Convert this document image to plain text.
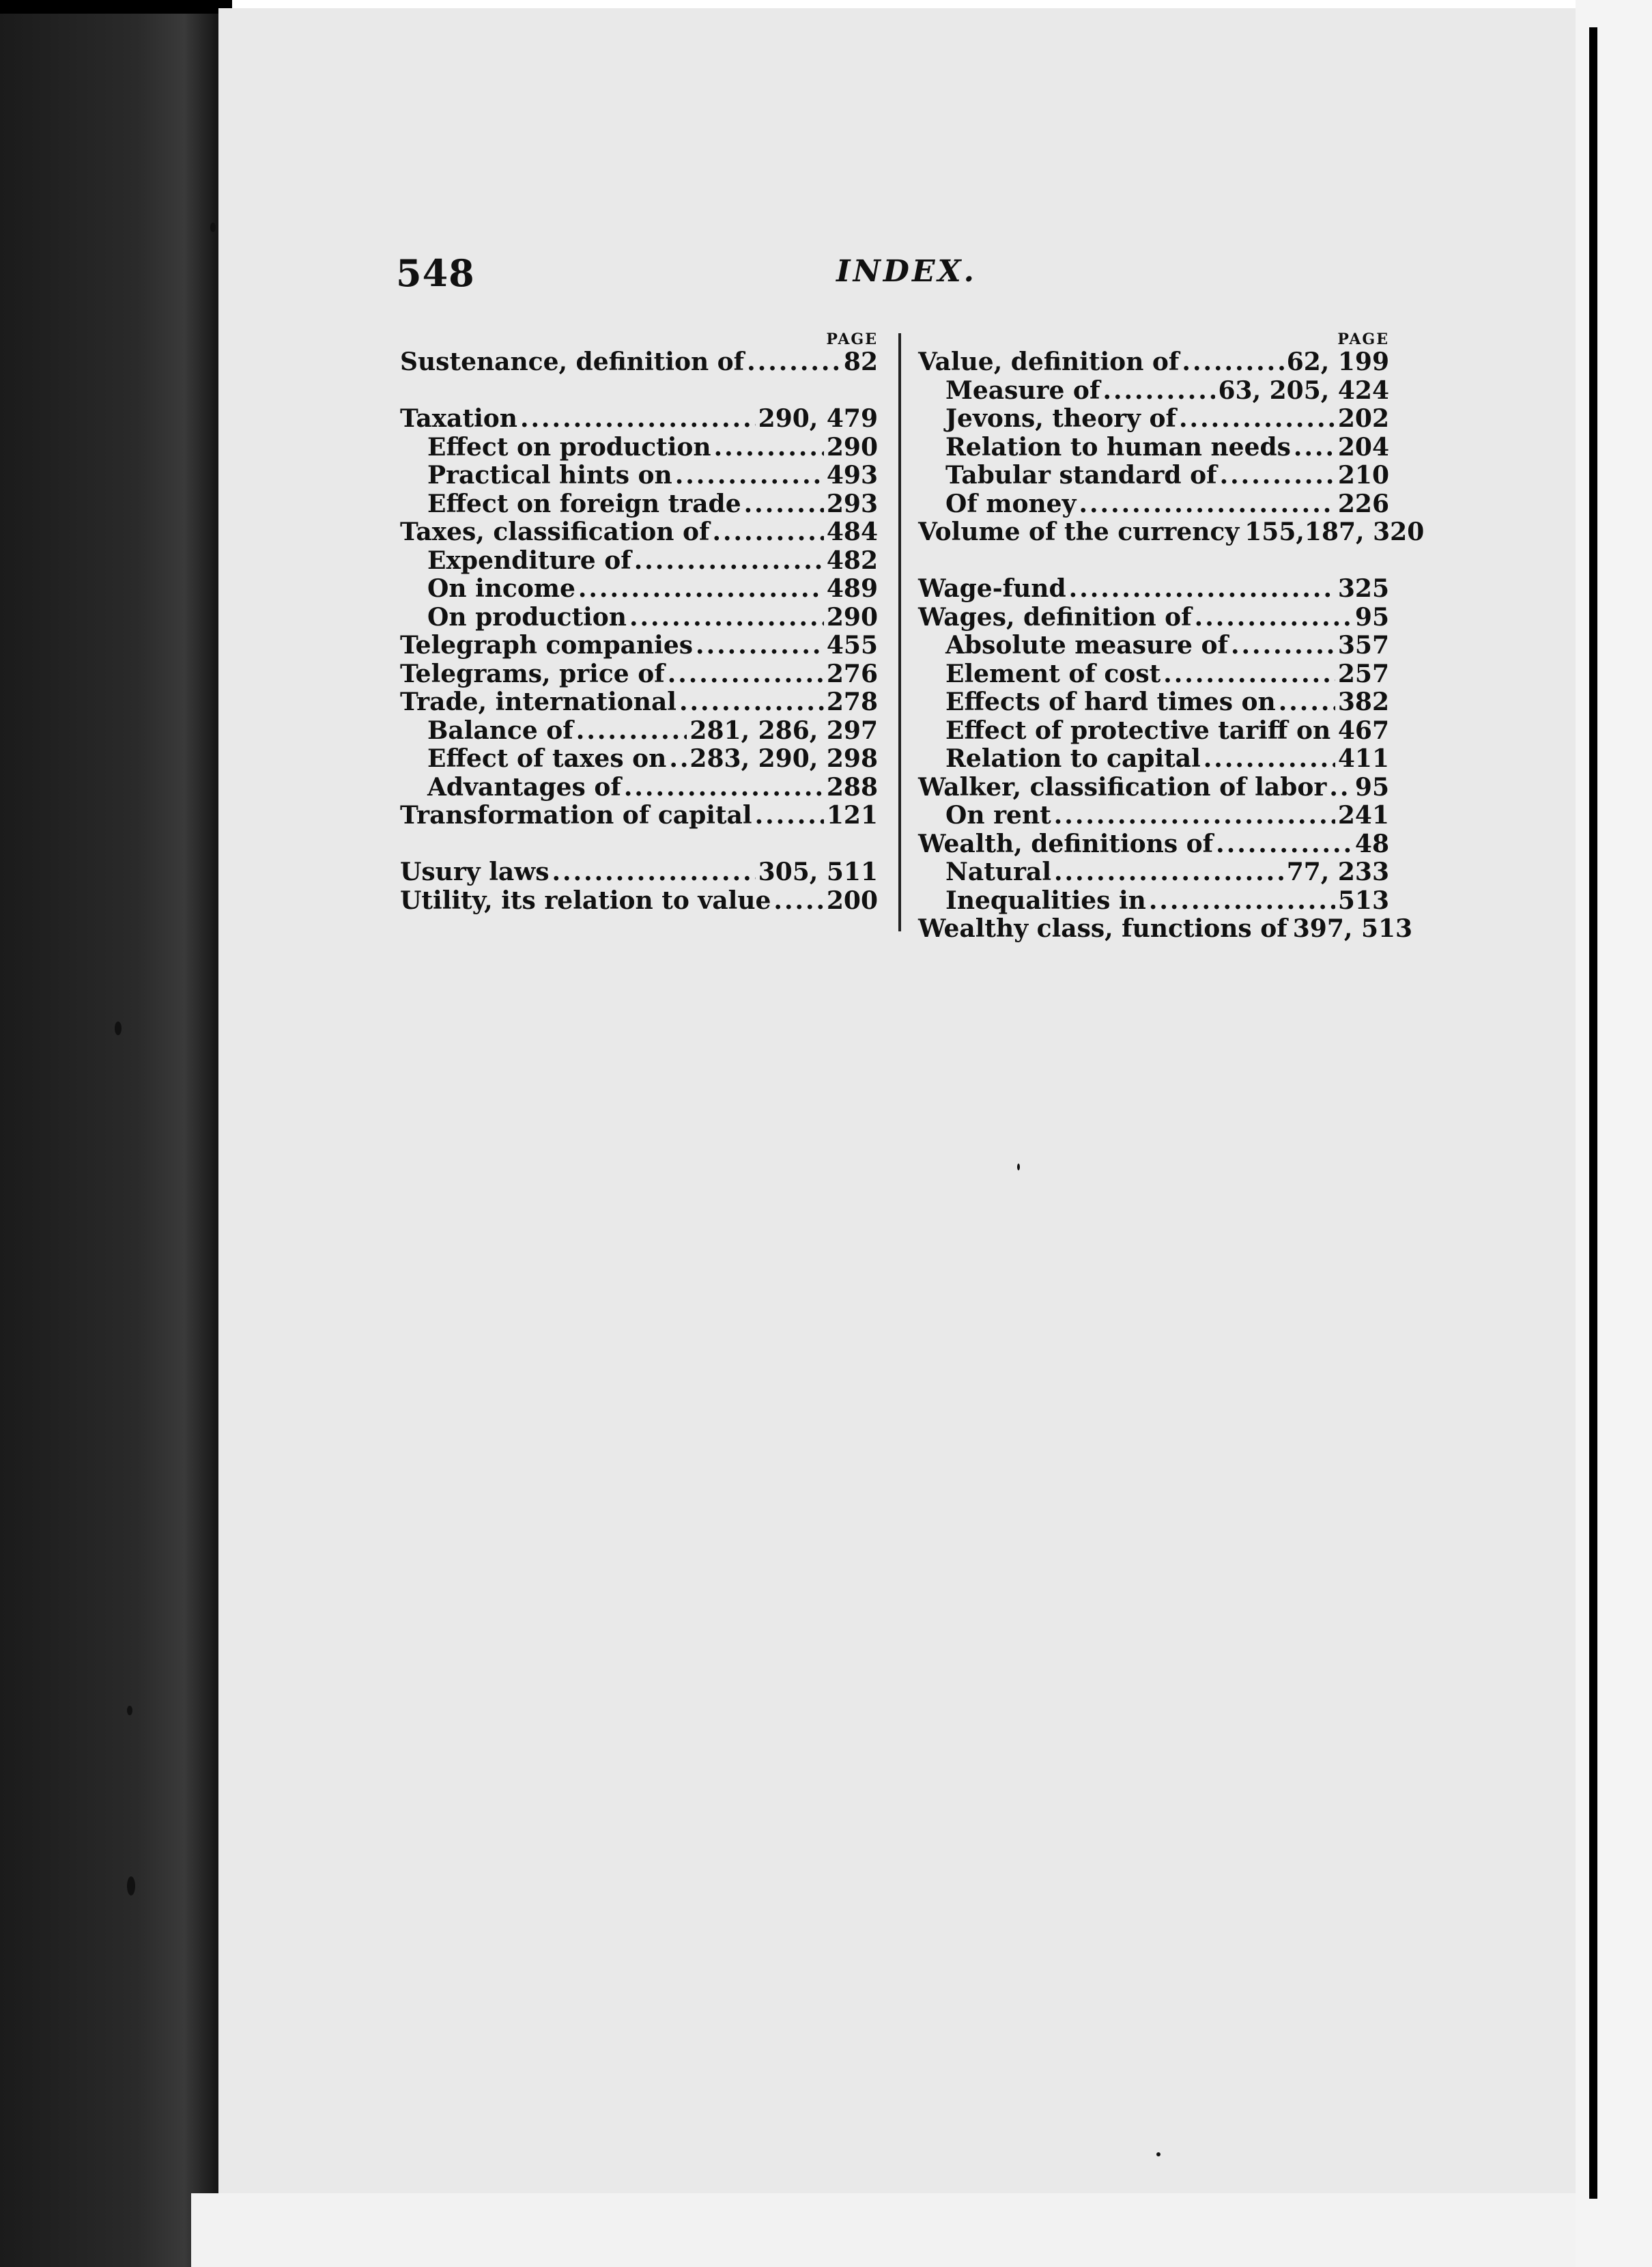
548	INDEX.
PAGE
Sustenance, definition of .....	82
Taxation .....	290, 479
Effect on production .....	290
Practical hints on .....	493
Effect on foreign trade .....	293
Taxes, classification of .....	484
Expenditure of .....	482
On income .....	489
On production .....	290
Telegraph companies .....	455
Telegrams, price of .....	276
Trade, international .....	278
Balance of .....	281, 286, 297
Effect of taxes on ..... 283, 290, 298
Advantages of .....	288
Transformation of capital .....	121
Usury laws .....	305, 511
Utility, its relation to value ..... 200
PAGE
Value, definition of .....	62, 199
Measure of .....	63, 205, 424
Jevons, theory of .....	202
Relation to human needs ..... 204
Tabular standard of .....	210
Of money .....	226
Volume of the currency 155,187, 320
Wage-fund .....	325
Wages, definition of .....	95
Absolute measure of .....	357
Element of cost .....	257
Effects of hard times on .....	382
Effect of protective tariff on ..... 467
Relation to capital .....	411
Walker, classification of labor ..... 95
On rent .....	241
Wealth, definitions of .....	48
Natural .....	77, 233
Inequalities in .....	513
Wealthy class, functions of 397, 513
